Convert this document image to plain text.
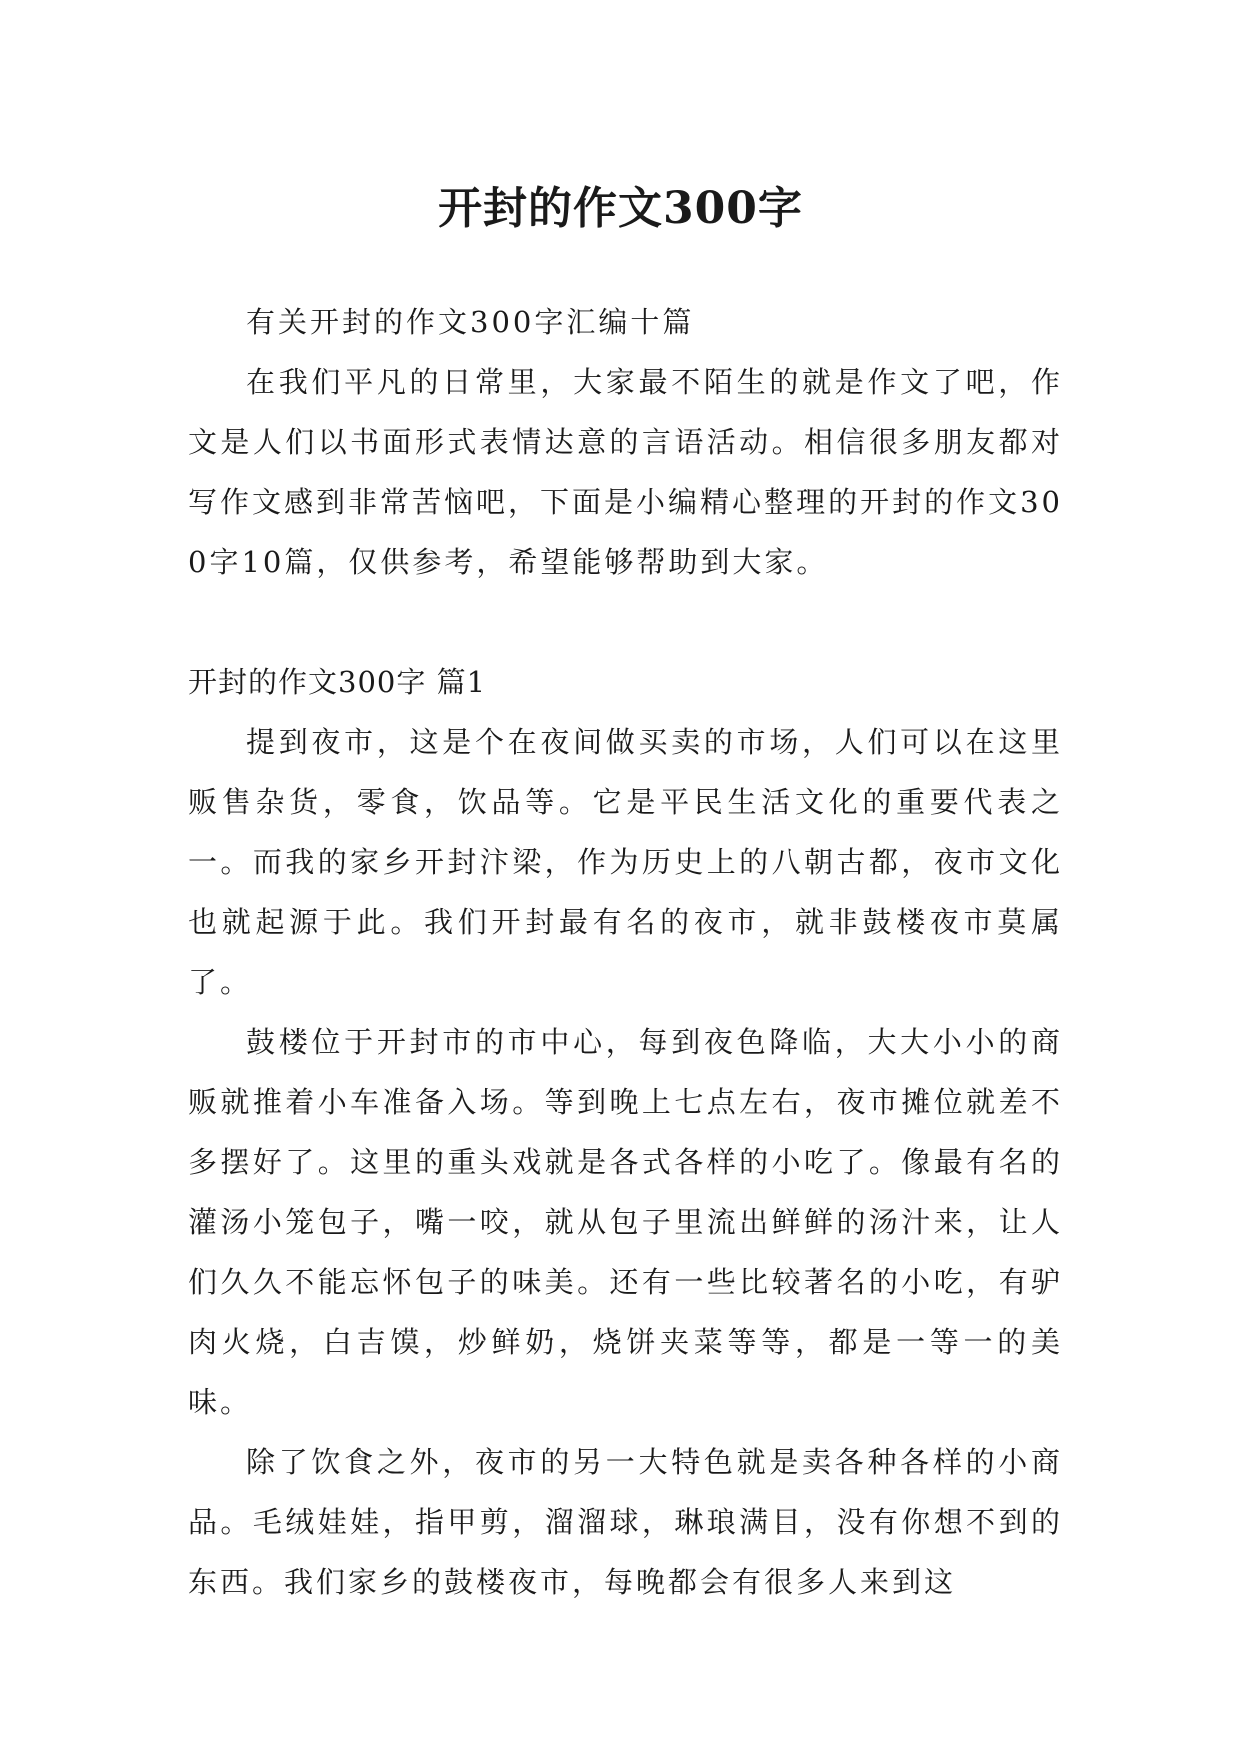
开封的作文300字

有关开封的作文300字汇编十篇

在我们平凡的日常里，大家最不陌生的就是作文了吧，作文是人们以书面形式表情达意的言语活动。相信很多朋友都对写作文感到非常苦恼吧，下面是小编精心整理的开封的作文300字10篇，仅供参考，希望能够帮助到大家。

开封的作文300字 篇1

提到夜市，这是个在夜间做买卖的市场，人们可以在这里贩售杂货，零食，饮品等。它是平民生活文化的重要代表之一。而我的家乡开封汴梁，作为历史上的八朝古都，夜市文化也就起源于此。我们开封最有名的夜市，就非鼓楼夜市莫属了。

鼓楼位于开封市的市中心，每到夜色降临，大大小小的商贩就推着小车准备入场。等到晚上七点左右，夜市摊位就差不多摆好了。这里的重头戏就是各式各样的小吃了。像最有名的灌汤小笼包子，嘴一咬，就从包子里流出鲜鲜的汤汁来，让人们久久不能忘怀包子的味美。还有一些比较著名的小吃，有驴肉火烧，白吉馍，炒鲜奶，烧饼夹菜等等，都是一等一的美味。

除了饮食之外，夜市的另一大特色就是卖各种各样的小商品。毛绒娃娃，指甲剪，溜溜球，琳琅满目，没有你想不到的东西。我们家乡的鼓楼夜市，每晚都会有很多人来到这
